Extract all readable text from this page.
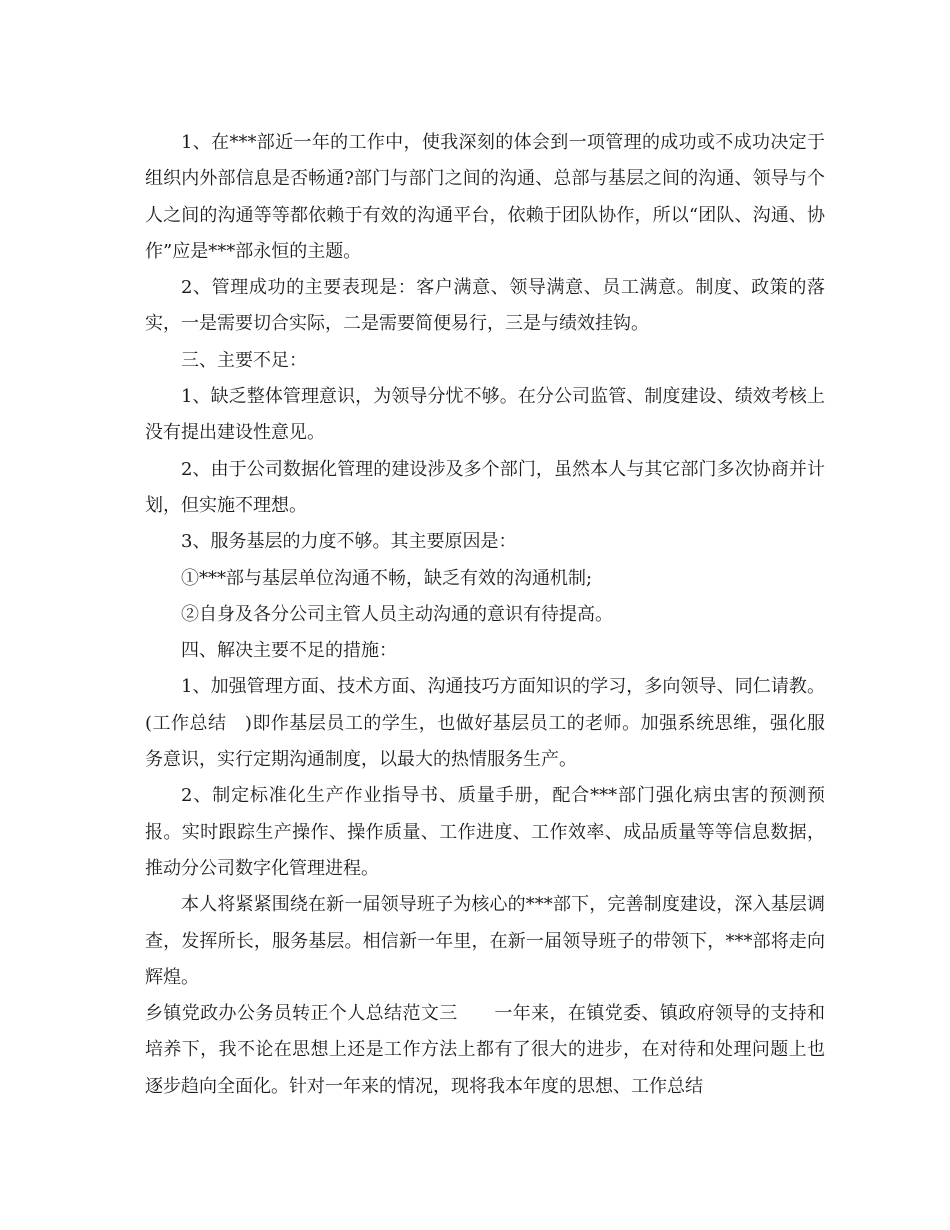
1、在***部近一年的工作中，使我深刻的体会到一项管理的成功或不成功决定于组织内外部信息是否畅通?部门与部门之间的沟通、总部与基层之间的沟通、领导与个人之间的沟通等等都依赖于有效的沟通平台，依赖于团队协作，所以“团队、沟通、协作”应是***部永恒的主题。

2、管理成功的主要表现是：客户满意、领导满意、员工满意。制度、政策的落实，一是需要切合实际，二是需要简便易行，三是与绩效挂钩。

三、主要不足：

1、缺乏整体管理意识，为领导分忧不够。在分公司监管、制度建设、绩效考核上没有提出建设性意见。

2、由于公司数据化管理的建设涉及多个部门，虽然本人与其它部门多次协商并计划，但实施不理想。

3、服务基层的力度不够。其主要原因是：

①***部与基层单位沟通不畅，缺乏有效的沟通机制;

②自身及各分公司主管人员主动沟通的意识有待提高。

四、解决主要不足的措施：

1、加强管理方面、技术方面、沟通技巧方面知识的学习，多向领导、同仁请教。(工作总结　)即作基层员工的学生，也做好基层员工的老师。加强系统思维，强化服务意识，实行定期沟通制度，以最大的热情服务生产。

2、制定标准化生产作业指导书、质量手册，配合***部门强化病虫害的预测预报。实时跟踪生产操作、操作质量、工作进度、工作效率、成品质量等等信息数据，推动分公司数字化管理进程。

本人将紧紧围绕在新一届领导班子为核心的***部下，完善制度建设，深入基层调查，发挥所长，服务基层。相信新一年里，在新一届领导班子的带领下，***部将走向辉煌。

乡镇党政办公务员转正个人总结范文三　　一年来，在镇党委、镇政府领导的支持和培养下，我不论在思想上还是工作方法上都有了很大的进步，在对待和处理问题上也逐步趋向全面化。针对一年来的情况，现将我本年度的思想、工作总结
